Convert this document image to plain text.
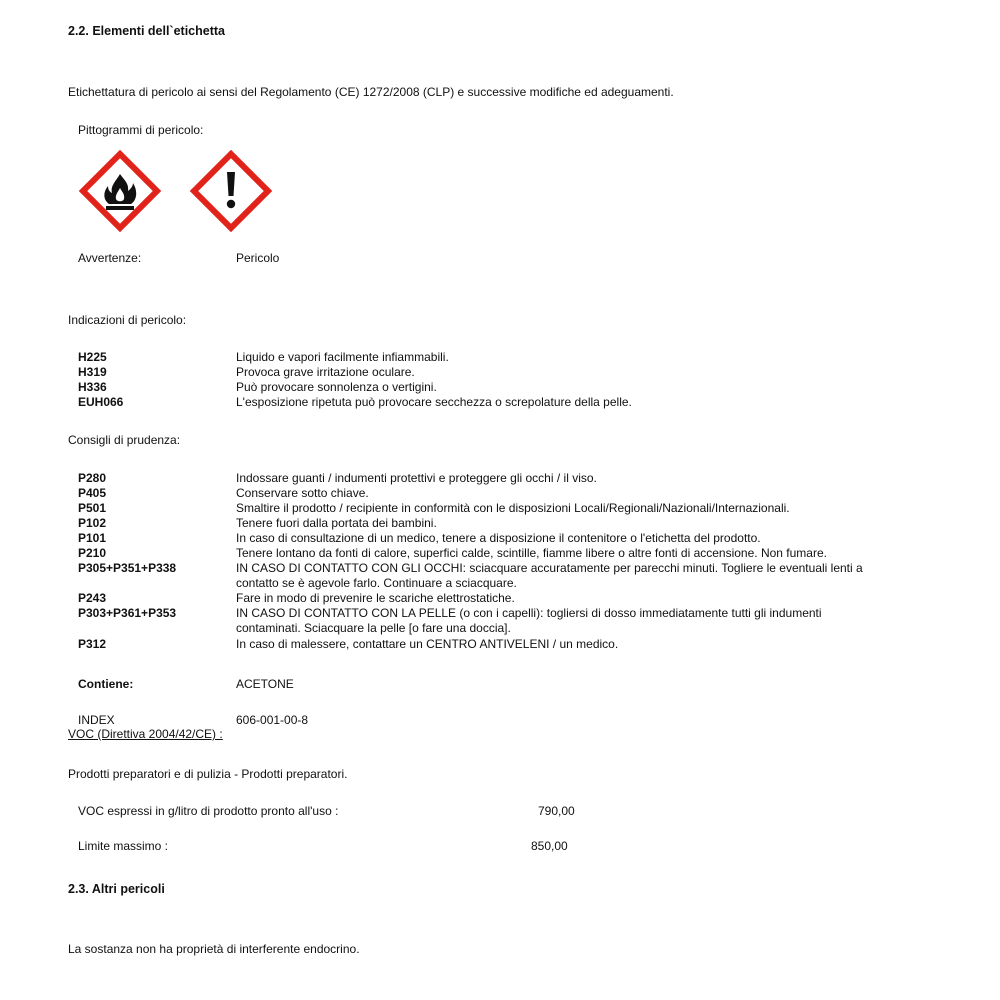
2.2. Elementi dell`etichetta
Etichettatura di pericolo ai sensi del Regolamento (CE) 1272/2008 (CLP) e successive modifiche ed adeguamenti.
Pittogrammi di pericolo:
Avvertenze:	Pericolo
Indicazioni di pericolo:
H225	Liquido e vapori facilmente infiammabili.
H319	Provoca grave irritazione oculare.
H336	Può provocare sonnolenza o vertigini.
EUH066	L'esposizione ripetuta può provocare secchezza o screpolature della pelle.
Consigli di prudenza:
P280	Indossare guanti / indumenti protettivi e proteggere gli occhi / il viso.
P405	Conservare sotto chiave.
P501	Smaltire il prodotto / recipiente in conformità con le disposizioni Locali/Regionali/Nazionali/Internazionali.
P102	Tenere fuori dalla portata dei bambini.
P101	In caso di consultazione di un medico, tenere a disposizione il contenitore o l'etichetta del prodotto.
P210	Tenere lontano da fonti di calore, superfici calde, scintille, fiamme libere o altre fonti di accensione. Non fumare.
P305+P351+P338	IN CASO DI CONTATTO CON GLI OCCHI: sciacquare accuratamente per parecchi minuti. Togliere le eventuali lenti a
contatto se è agevole farlo. Continuare a sciacquare.
P243	Fare in modo di prevenire le scariche elettrostatiche.
P303+P361+P353	IN CASO DI CONTATTO CON LA PELLE (o con i capelli): togliersi di dosso immediatamente tutti gli indumenti
contaminati. Sciacquare la pelle [o fare una doccia].
P312	In caso di malessere, contattare un CENTRO ANTIVELENI / un medico.
Contiene:	ACETONE
INDEX	606-001-00-8
VOC (Direttiva 2004/42/CE) :
Prodotti preparatori e di pulizia - Prodotti preparatori.
VOC espressi in g/litro di prodotto pronto all'uso :	790,00
Limite massimo :	850,00
2.3. Altri pericoli
La sostanza non ha proprietà di interferente endocrino.
